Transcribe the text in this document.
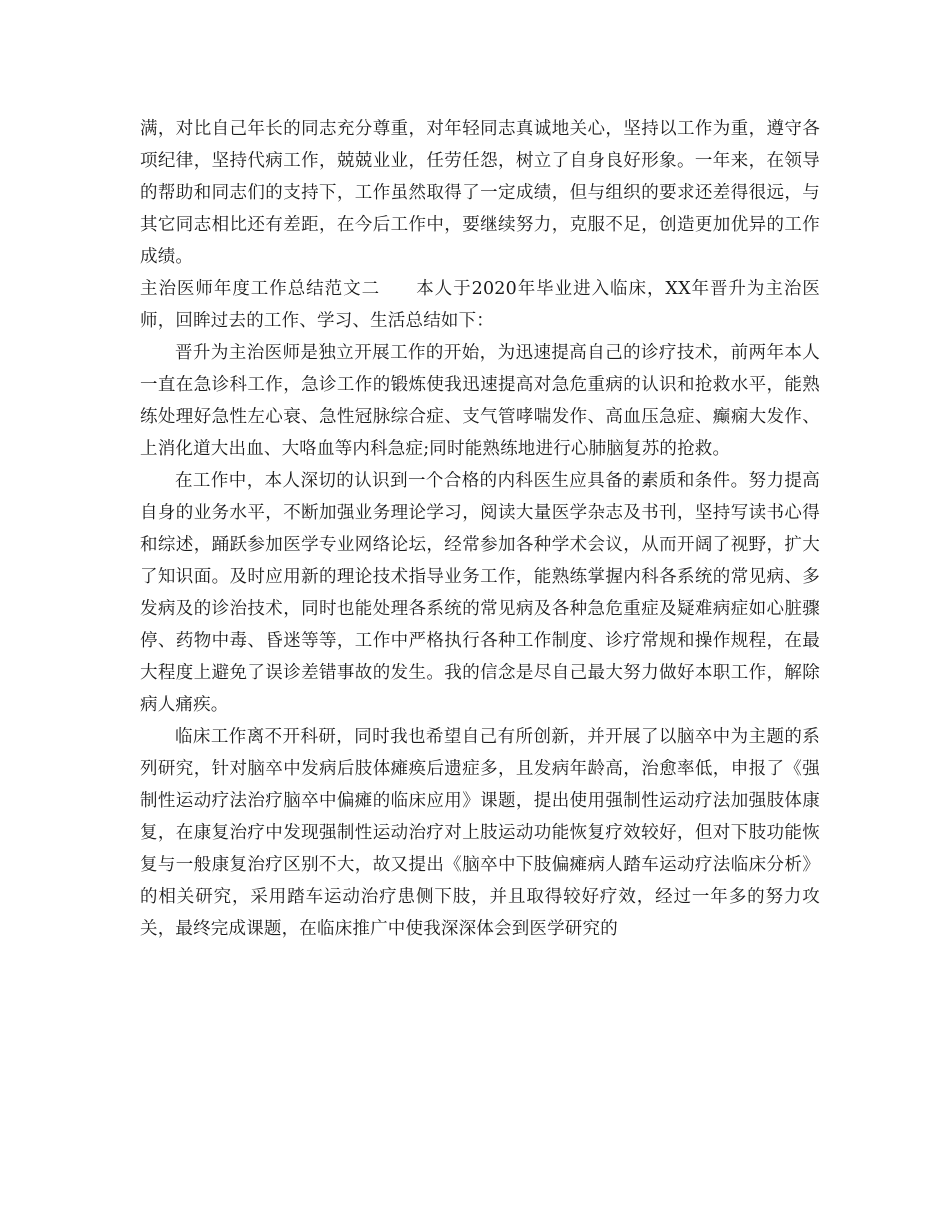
满，对比自己年长的同志充分尊重，对年轻同志真诚地关心，坚持以工作为重，遵守各项纪律，坚持代病工作，兢兢业业，任劳任怨，树立了自身良好形象。一年来，在领导的帮助和同志们的支持下，工作虽然取得了一定成绩，但与组织的要求还差得很远，与其它同志相比还有差距，在今后工作中，要继续努力，克服不足，创造更加优异的工作成绩。

主治医师年度工作总结范文二   本人于2020年毕业进入临床，XX年晋升为主治医师，回眸过去的工作、学习、生活总结如下：

晋升为主治医师是独立开展工作的开始，为迅速提高自己的诊疗技术，前两年本人一直在急诊科工作，急诊工作的锻炼使我迅速提高对急危重病的认识和抢救水平，能熟练处理好急性左心衰、急性冠脉综合症、支气管哮喘发作、高血压急症、癫痫大发作、上消化道大出血、大咯血等内科急症;同时能熟练地进行心肺脑复苏的抢救。

在工作中，本人深切的认识到一个合格的内科医生应具备的素质和条件。努力提高自身的业务水平，不断加强业务理论学习，阅读大量医学杂志及书刊，坚持写读书心得和综述，踊跃参加医学专业网络论坛，经常参加各种学术会议，从而开阔了视野，扩大了知识面。及时应用新的理论技术指导业务工作，能熟练掌握内科各系统的常见病、多发病及的诊治技术，同时也能处理各系统的常见病及各种急危重症及疑难病症如心脏骤停、药物中毒、昏迷等等，工作中严格执行各种工作制度、诊疗常规和操作规程，在最大程度上避免了误诊差错事故的发生。我的信念是尽自己最大努力做好本职工作，解除病人痛疾。

临床工作离不开科研，同时我也希望自己有所创新，并开展了以脑卒中为主题的系列研究，针对脑卒中发病后肢体瘫痪后遗症多，且发病年龄高，治愈率低，申报了《强制性运动疗法治疗脑卒中偏瘫的临床应用》课题，提出使用强制性运动疗法加强肢体康复，在康复治疗中发现强制性运动治疗对上肢运动功能恢复疗效较好，但对下肢功能恢复与一般康复治疗区别不大，故又提出《脑卒中下肢偏瘫病人踏车运动疗法临床分析》的相关研究，采用踏车运动治疗患侧下肢，并且取得较好疗效，经过一年多的努力攻关，最终完成课题，在临床推广中使我深深体会到医学研究的
